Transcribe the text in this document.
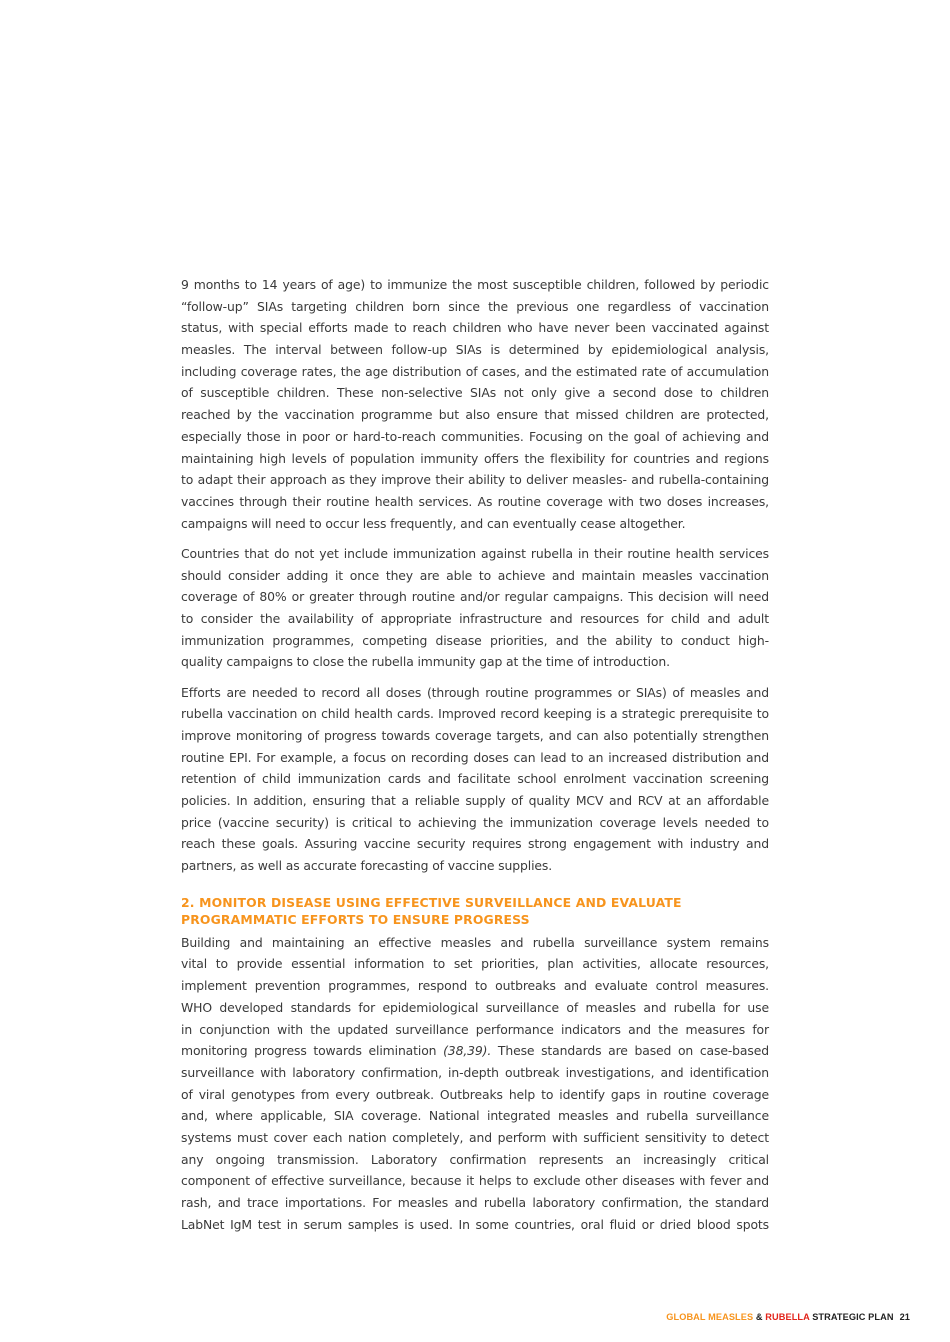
9 months to 14 years of age) to immunize the most susceptible children, followed by periodic
“follow-up” SIAs targeting children born since the previous one regardless of vaccination
status, with special efforts made to reach children who have never been vaccinated against
measles. The interval between follow-up SIAs is determined by epidemiological analysis,
including coverage rates, the age distribution of cases, and the estimated rate of accumulation
of susceptible children. These non-selective SIAs not only give a second dose to children
reached by the vaccination programme but also ensure that missed children are protected,
especially those in poor or hard-to-reach communities. Focusing on the goal of achieving and
maintaining high levels of population immunity offers the flexibility for countries and regions
to adapt their approach as they improve their ability to deliver measles- and rubella-containing
vaccines through their routine health services. As routine coverage with two doses increases,
campaigns will need to occur less frequently, and can eventually cease altogether.
Countries that do not yet include immunization against rubella in their routine health services
should consider adding it once they are able to achieve and maintain measles vaccination
coverage of 80% or greater through routine and/or regular campaigns. This decision will need
to consider the availability of appropriate infrastructure and resources for child and adult
immunization programmes, competing disease priorities, and the ability to conduct high-
quality campaigns to close the rubella immunity gap at the time of introduction.
Efforts are needed to record all doses (through routine programmes or SIAs) of measles and
rubella vaccination on child health cards. Improved record keeping is a strategic prerequisite to
improve monitoring of progress towards coverage targets, and can also potentially strengthen
routine EPI. For example, a focus on recording doses can lead to an increased distribution and
retention of child immunization cards and facilitate school enrolment vaccination screening
policies. In addition, ensuring that a reliable supply of quality MCV and RCV at an affordable
price (vaccine security) is critical to achieving the immunization coverage levels needed to
reach these goals. Assuring vaccine security requires strong engagement with industry and
partners, as well as accurate forecasting of vaccine supplies.
2. MONITOR DISEASE USING EFFECTIVE SURVEILLANCE AND EVALUATE
PROGRAMMATIC EFFORTS TO ENSURE PROGRESS
Building and maintaining an effective measles and rubella surveillance system remains
vital to provide essential information to set priorities, plan activities, allocate resources,
implement prevention programmes, respond to outbreaks and evaluate control measures.
WHO developed standards for epidemiological surveillance of measles and rubella for use
in conjunction with the updated surveillance performance indicators and the measures for
monitoring progress towards elimination (38,39). These standards are based on case-based
surveillance with laboratory confirmation, in-depth outbreak investigations, and identification
of viral genotypes from every outbreak. Outbreaks help to identify gaps in routine coverage
and, where applicable, SIA coverage. National integrated measles and rubella surveillance
systems must cover each nation completely, and perform with sufficient sensitivity to detect
any ongoing transmission. Laboratory confirmation represents an increasingly critical
component of effective surveillance, because it helps to exclude other diseases with fever and
rash, and trace importations. For measles and rubella laboratory confirmation, the standard
LabNet IgM test in serum samples is used. In some countries, oral fluid or dried blood spots
GLOBAL MEASLES & RUBELLA STRATEGIC PLAN 21
